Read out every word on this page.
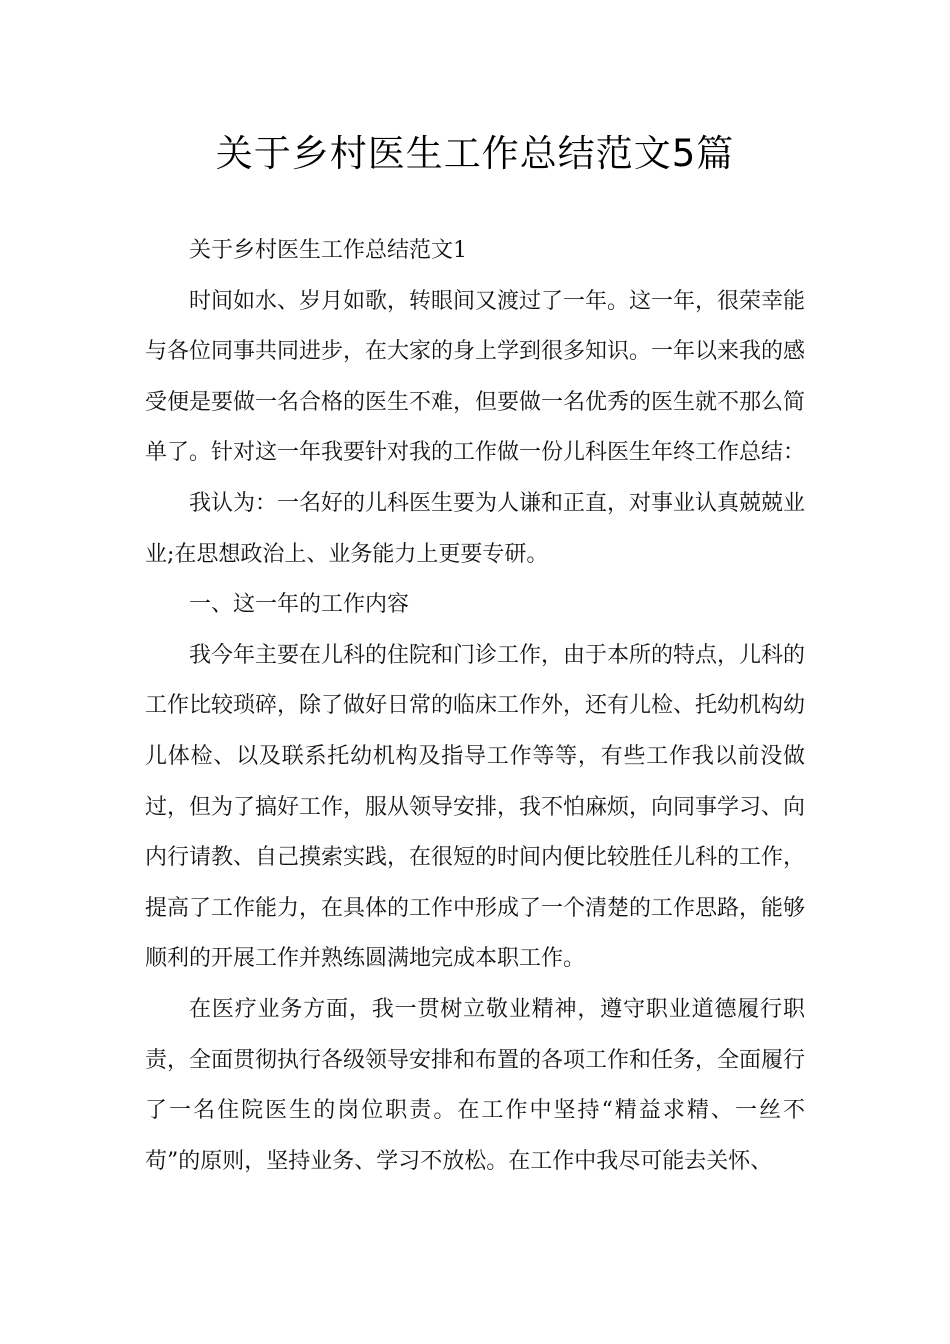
关于乡村医生工作总结范文5篇

关于乡村医生工作总结范文1

时间如水、岁月如歌，转眼间又渡过了一年。这一年，很荣幸能与各位同事共同进步，在大家的身上学到很多知识。一年以来我的感受便是要做一名合格的医生不难，但要做一名优秀的医生就不那么简单了。针对这一年我要针对我的工作做一份儿科医生年终工作总结：

我认为：一名好的儿科医生要为人谦和正直，对事业认真兢兢业业;在思想政治上、业务能力上更要专研。

一、这一年的工作内容

我今年主要在儿科的住院和门诊工作，由于本所的特点，儿科的工作比较琐碎，除了做好日常的临床工作外，还有儿检、托幼机构幼儿体检、以及联系托幼机构及指导工作等等，有些工作我以前没做过，但为了搞好工作，服从领导安排，我不怕麻烦，向同事学习、向内行请教、自己摸索实践，在很短的时间内便比较胜任儿科的工作，提高了工作能力，在具体的工作中形成了一个清楚的工作思路，能够顺利的开展工作并熟练圆满地完成本职工作。

在医疗业务方面，我一贯树立敬业精神，遵守职业道德履行职责，全面贯彻执行各级领导安排和布置的各项工作和任务，全面履行了一名住院医生的岗位职责。在工作中坚持“精益求精、一丝不苟”的原则，坚持业务、学习不放松。在工作中我尽可能去关怀、
